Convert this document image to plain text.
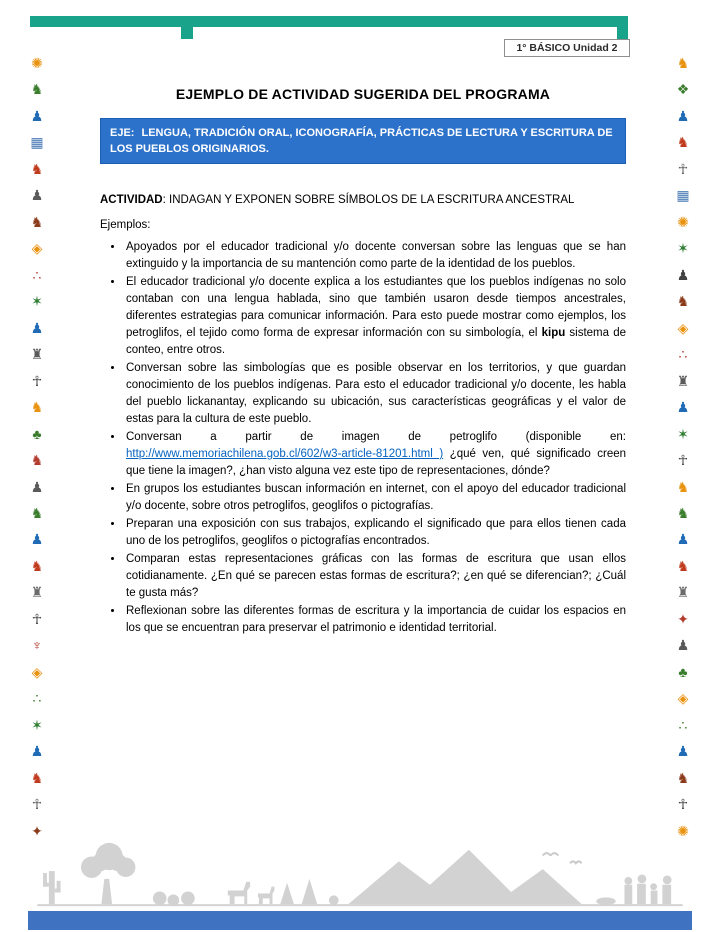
1° BÁSICO Unidad 2
✺
♞
♟
▦
♞
♟
♞
◈
∴
✶
♟
♜
☥
♞
♣
♞
♟
♞
♟
♞
♜
☥
♆
◈
∴
✶
♟
♞
☥
✦
♞
❖
♟
♞
☥
▦
✺
✶
♟
♞
◈
∴
♜
♟
✶
☥
♞
♞
♟
♞
♜
✦
♟
♣
◈
∴
♟
♞
☥
✺
EJEMPLO DE ACTIVIDAD SUGERIDA DEL PROGRAMA
EJE: LENGUA, TRADICIÓN ORAL, ICONOGRAFÍA, PRÁCTICAS DE LECTURA Y ESCRITURA DE LOS PUEBLOS ORIGINARIOS.

ACTIVIDAD: INDAGAN Y EXPONEN SOBRE SÍMBOLOS DE LA ESCRITURA ANCESTRAL

Ejemplos:

• Apoyados por el educador tradicional y/o docente conversan sobre las lenguas que se han extinguido y la importancia de su mantención como parte de la identidad de los pueblos.
• El educador tradicional y/o docente explica a los estudiantes que los pueblos indígenas no solo contaban con una lengua hablada, sino que también usaron desde tiempos ancestrales, diferentes estrategias para comunicar información. Para esto puede mostrar como ejemplos, los petroglifos, el tejido como forma de expresar información con su simbología, el kipu sistema de conteo, entre otros.
• Conversan sobre las simbologías que es posible observar en los territorios, y que guardan conocimiento de los pueblos indígenas. Para esto el educador tradicional y/o docente, les habla del pueblo lickanantay, explicando su ubicación, sus características geográficas y el valor de estas para la cultura de este pueblo.
• Conversan a partir de imagen de petroglifo (disponible en: http://www.memoriachilena.gob.cl/602/w3-article-81201.html ) ¿qué ven, qué significado creen que tiene la imagen?, ¿han visto alguna vez este tipo de representaciones, dónde?
• En grupos los estudiantes buscan información en internet, con el apoyo del educador tradicional y/o docente, sobre otros petroglifos, geoglifos o pictografías.
• Preparan una exposición con sus trabajos, explicando el significado que para ellos tienen cada uno de los petroglifos, geoglifos o pictografías encontrados.
• Comparan estas representaciones gráficas con las formas de escritura que usan ellos cotidianamente. ¿En qué se parecen estas formas de escritura?; ¿en qué se diferencian?; ¿Cuál te gusta más?
• Reflexionan sobre las diferentes formas de escritura y la importancia de cuidar los espacios en los que se encuentran para preservar el patrimonio e identidad territorial.
